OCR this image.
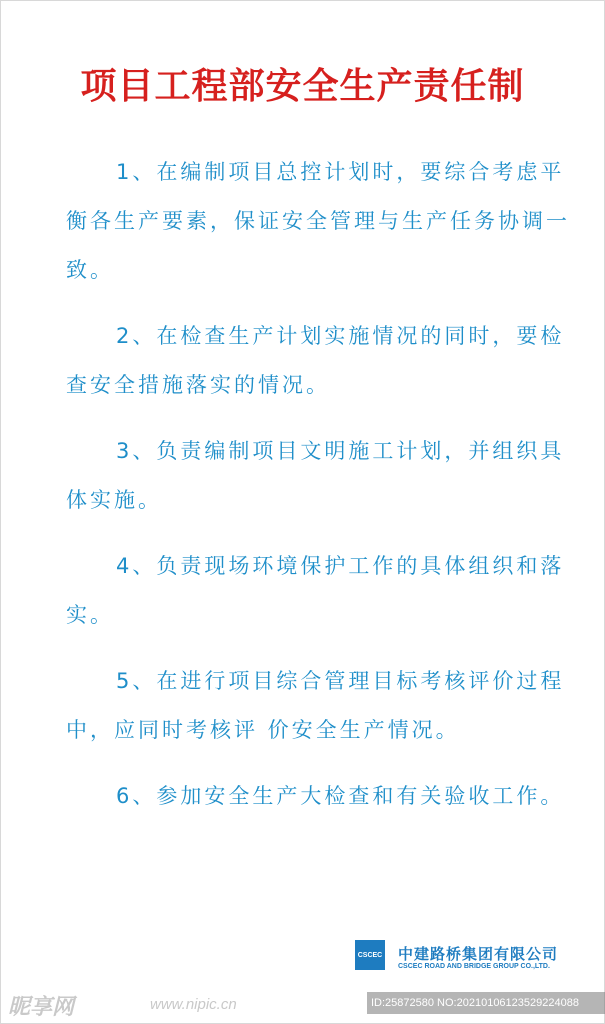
项目工程部安全生产责任制

1、在编制项目总控计划时，要综合考虑平衡各生产要素，保证安全管理与生产任务协调一致。

2、在检查生产计划实施情况的同时，要检查安全措施落实的情况。

3、负责编制项目文明施工计划，并组织具体实施。

4、负责现场环境保护工作的具体组织和落实。

5、在进行项目综合管理目标考核评价过程中，应同时考核评 价安全生产情况。

6、参加安全生产大检查和有关验收工作。

CSCEC 中建路桥集团有限公司
CSCEC ROAD AND BRIDGE GROUP CO.,LTD.
昵享网	www.nipic.cn	ID:25872580 NO:20210106123529224088
